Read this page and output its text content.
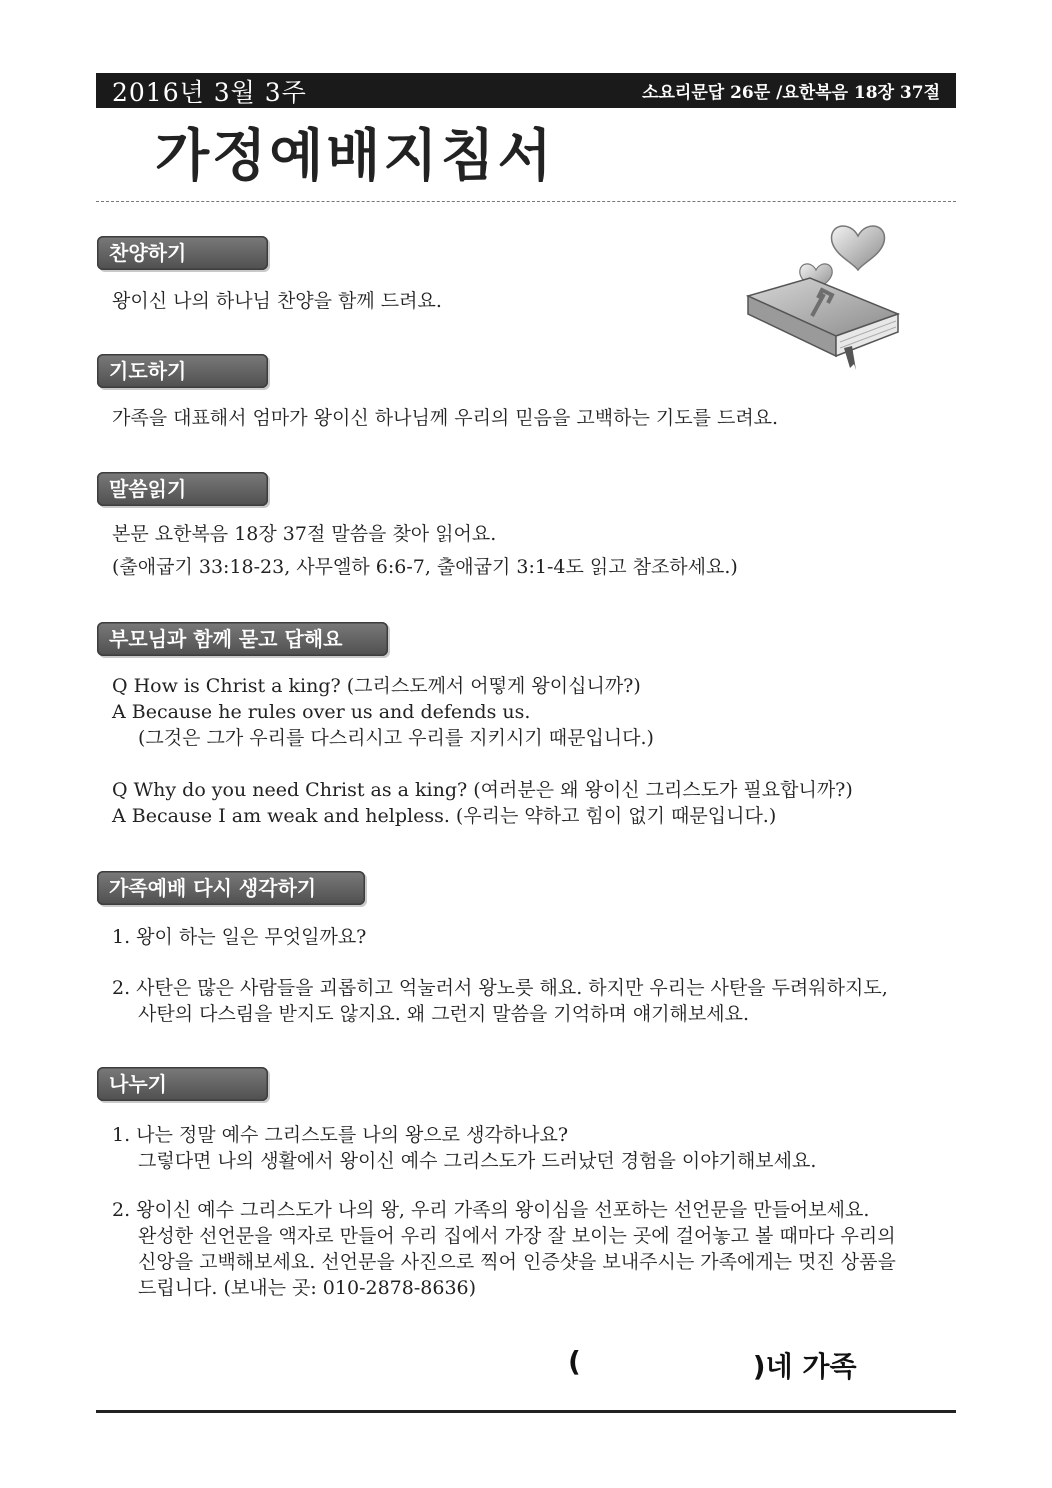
2016년 3월 3주	소요리문답 26문 /요한복음 18장 37절
가정예배지침서
찬양하기

왕이신 나의 하나님 찬양을 함께 드려요.

기도하기

가족을 대표해서 엄마가 왕이신 하나님께 우리의 믿음을 고백하는 기도를 드려요.

말씀읽기

본문 요한복음 18장 37절 말씀을 찾아 읽어요.

(출애굽기 33:18-23, 사무엘하 6:6-7, 출애굽기 3:1-4도 읽고 참조하세요.)

부모님과 함께 묻고 답해요

Q How is Christ a king? (그리스도께서 어떻게 왕이십니까?)

A Because he rules over us and defends us.

(그것은 그가 우리를 다스리시고 우리를 지키시기 때문입니다.)

Q Why do you need Christ as a king? (여러분은 왜 왕이신 그리스도가 필요합니까?)

A Because I am weak and helpless. (우리는 약하고 힘이 없기 때문입니다.)

가족예배 다시 생각하기

1. 왕이 하는 일은 무엇일까요?

2. 사탄은 많은 사람들을 괴롭히고 억눌러서 왕노릇 해요. 하지만 우리는 사탄을 두려워하지도,

사탄의 다스림을 받지도 않지요. 왜 그런지 말씀을 기억하며 얘기해보세요.

나누기

1. 나는 정말 예수 그리스도를 나의 왕으로 생각하나요?

그렇다면 나의 생활에서 왕이신 예수 그리스도가 드러났던 경험을 이야기해보세요.

2. 왕이신 예수 그리스도가 나의 왕, 우리 가족의 왕이심을 선포하는 선언문을 만들어보세요.

완성한 선언문을 액자로 만들어 우리 집에서 가장 잘 보이는 곳에 걸어놓고 볼 때마다 우리의

신앙을 고백해보세요. 선언문을 사진으로 찍어 인증샷을 보내주시는 가족에게는 멋진 상품을

드립니다. (보내는 곳: 010-2878-8636)

(	)네 가족
